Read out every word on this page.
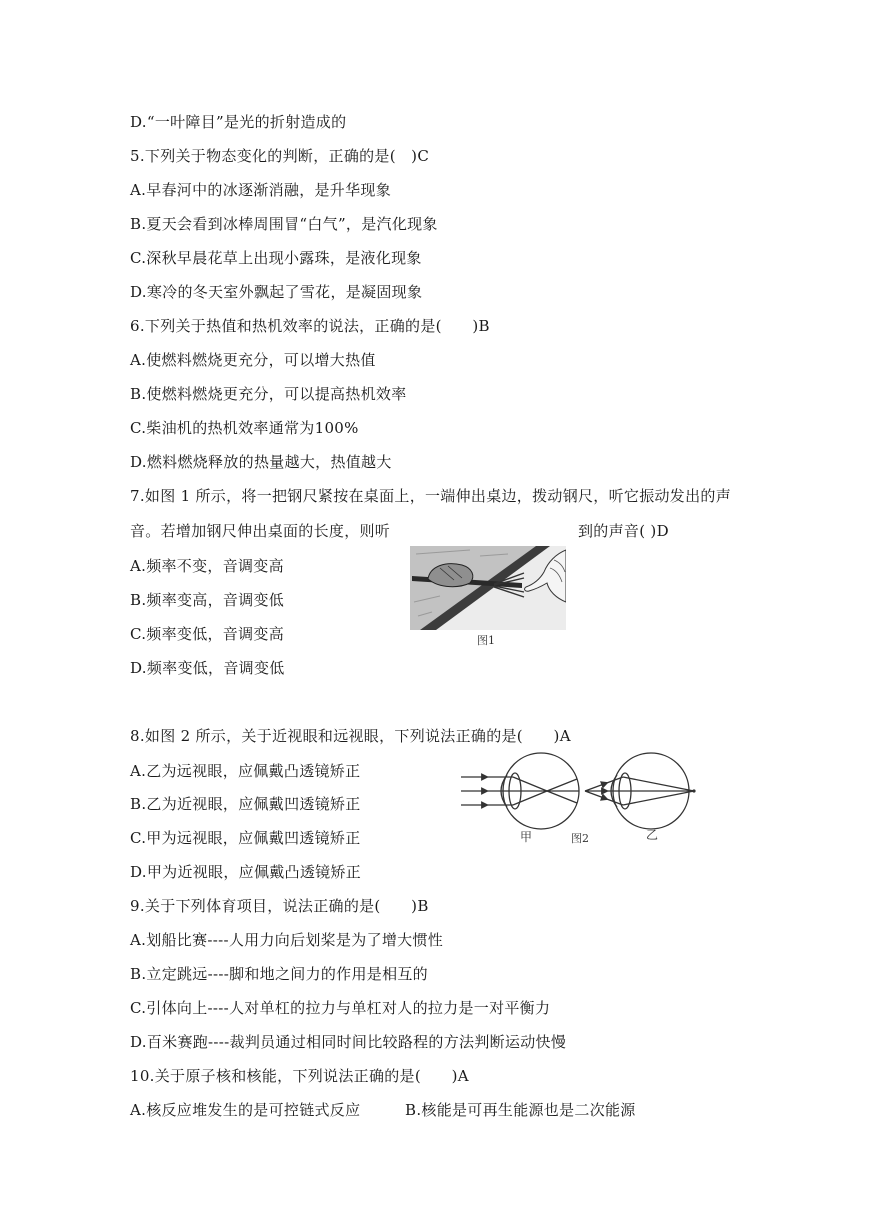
D.“一叶障目”是光的折射造成的
5.下列关于物态变化的判断，正确的是(　)C
A.早春河中的冰逐渐消融，是升华现象
B.夏天会看到冰棒周围冒“白气”，是汽化现象
C.深秋早晨花草上出现小露珠，是液化现象
D.寒冷的冬天室外飘起了雪花，是凝固现象
6.下列关于热值和热机效率的说法，正确的是(　　)B
A.使燃料燃烧更充分，可以增大热值
B.使燃料燃烧更充分，可以提高热机效率
C.柴油机的热机效率通常为100%
D.燃料燃烧释放的热量越大，热值越大
7.如图 1 所示，将一把钢尺紧按在桌面上，一端伸出桌边，拨动钢尺，听它振动发出的声
音。若增加钢尺伸出桌面的长度，则听	到的声音( )D
A.频率不变，音调变高
B.频率变高，音调变低
C.频率变低，音调变高
D.频率变低，音调变低
图1
8.如图 2 所示，关于近视眼和远视眼，下列说法正确的是(　　)A
A.乙为远视眼，应佩戴凸透镜矫正
B.乙为近视眼，应佩戴凹透镜矫正
C.甲为远视眼，应佩戴凹透镜矫正
D.甲为近视眼，应佩戴凸透镜矫正
甲	图2	乙
9.关于下列体育项目，说法正确的是(　　)B
A.划船比赛----人用力向后划桨是为了增大惯性
B.立定跳远----脚和地之间力的作用是相互的
C.引体向上----人对单杠的拉力与单杠对人的拉力是一对平衡力
D.百米赛跑----裁判员通过相同时间比较路程的方法判断运动快慢
10.关于原子核和核能，下列说法正确的是(　　)A
A.核反应堆发生的是可控链式反应	B.核能是可再生能源也是二次能源
